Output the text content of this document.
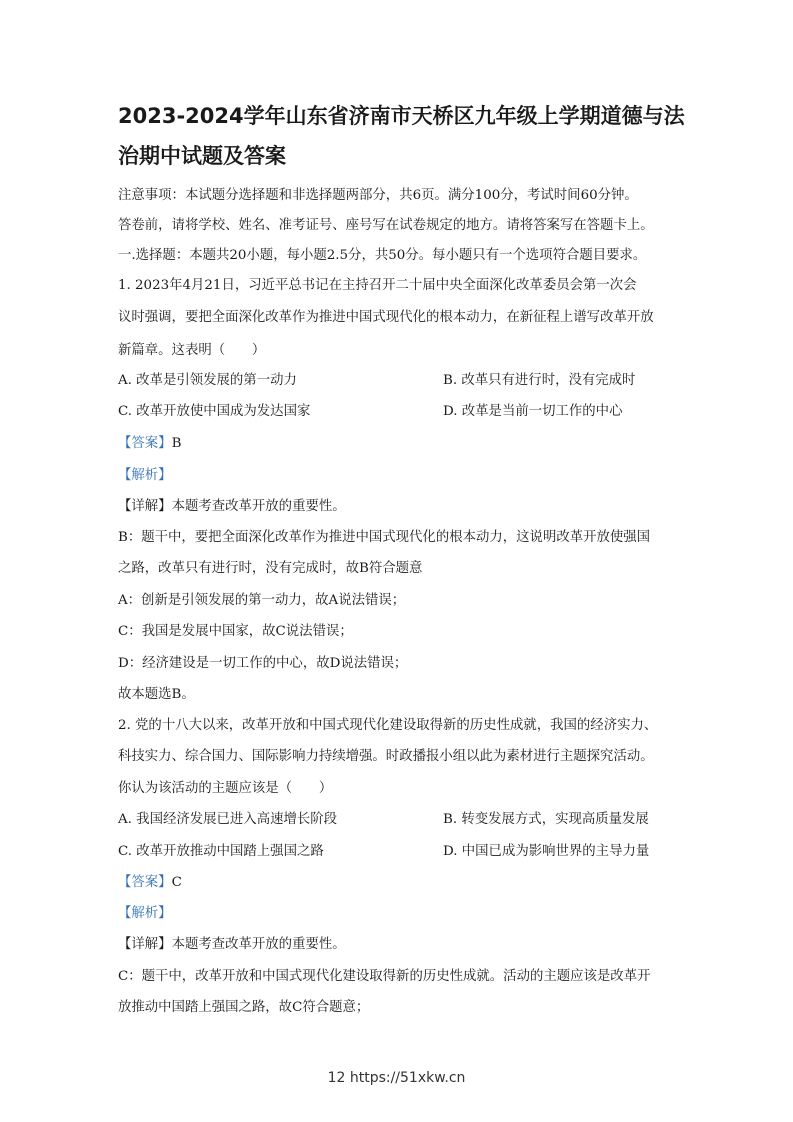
2023-2024学年山东省济南市天桥区九年级上学期道德与法
治期中试题及答案

注意事项：本试题分选择题和非选择题两部分，共6页。满分100分，考试时间60分钟。

答卷前，请将学校、姓名、准考证号、座号写在试卷规定的地方。请将答案写在答题卡上。

一.选择题：本题共20小题，每小题2.5分，共50分。每小题只有一个选项符合题目要求。

1. 2023年4月21日，习近平总书记在主持召开二十届中央全面深化改革委员会第一次会

议时强调，要把全面深化改革作为推进中国式现代化的根本动力，在新征程上谱写改革开放

新篇章。这表明（　　）

A. 改革是引领发展的第一动力	B. 改革只有进行时，没有完成时
C. 改革开放使中国成为发达国家	D. 改革是当前一切工作的中心

【答案】B

【解析】

【详解】本题考查改革开放的重要性。

B：题干中，要把全面深化改革作为推进中国式现代化的根本动力，这说明改革开放使强国

之路，改革只有进行时，没有完成时，故B符合题意

A：创新是引领发展的第一动力，故A说法错误；

C：我国是发展中国家，故C说法错误；

D：经济建设是一切工作的中心，故D说法错误；

故本题选B。

2. 党的十八大以来，改革开放和中国式现代化建设取得新的历史性成就，我国的经济实力、

科技实力、综合国力、国际影响力持续增强。时政播报小组以此为素材进行主题探究活动。

你认为该活动的主题应该是（　　）

A. 我国经济发展已进入高速增长阶段	B. 转变发展方式，实现高质量发展
C. 改革开放推动中国踏上强国之路	D. 中国已成为影响世界的主导力量

【答案】C

【解析】

【详解】本题考查改革开放的重要性。

C：题干中，改革开放和中国式现代化建设取得新的历史性成就。活动的主题应该是改革开

放推动中国踏上强国之路，故C符合题意；

12 https://51xkw.cn
